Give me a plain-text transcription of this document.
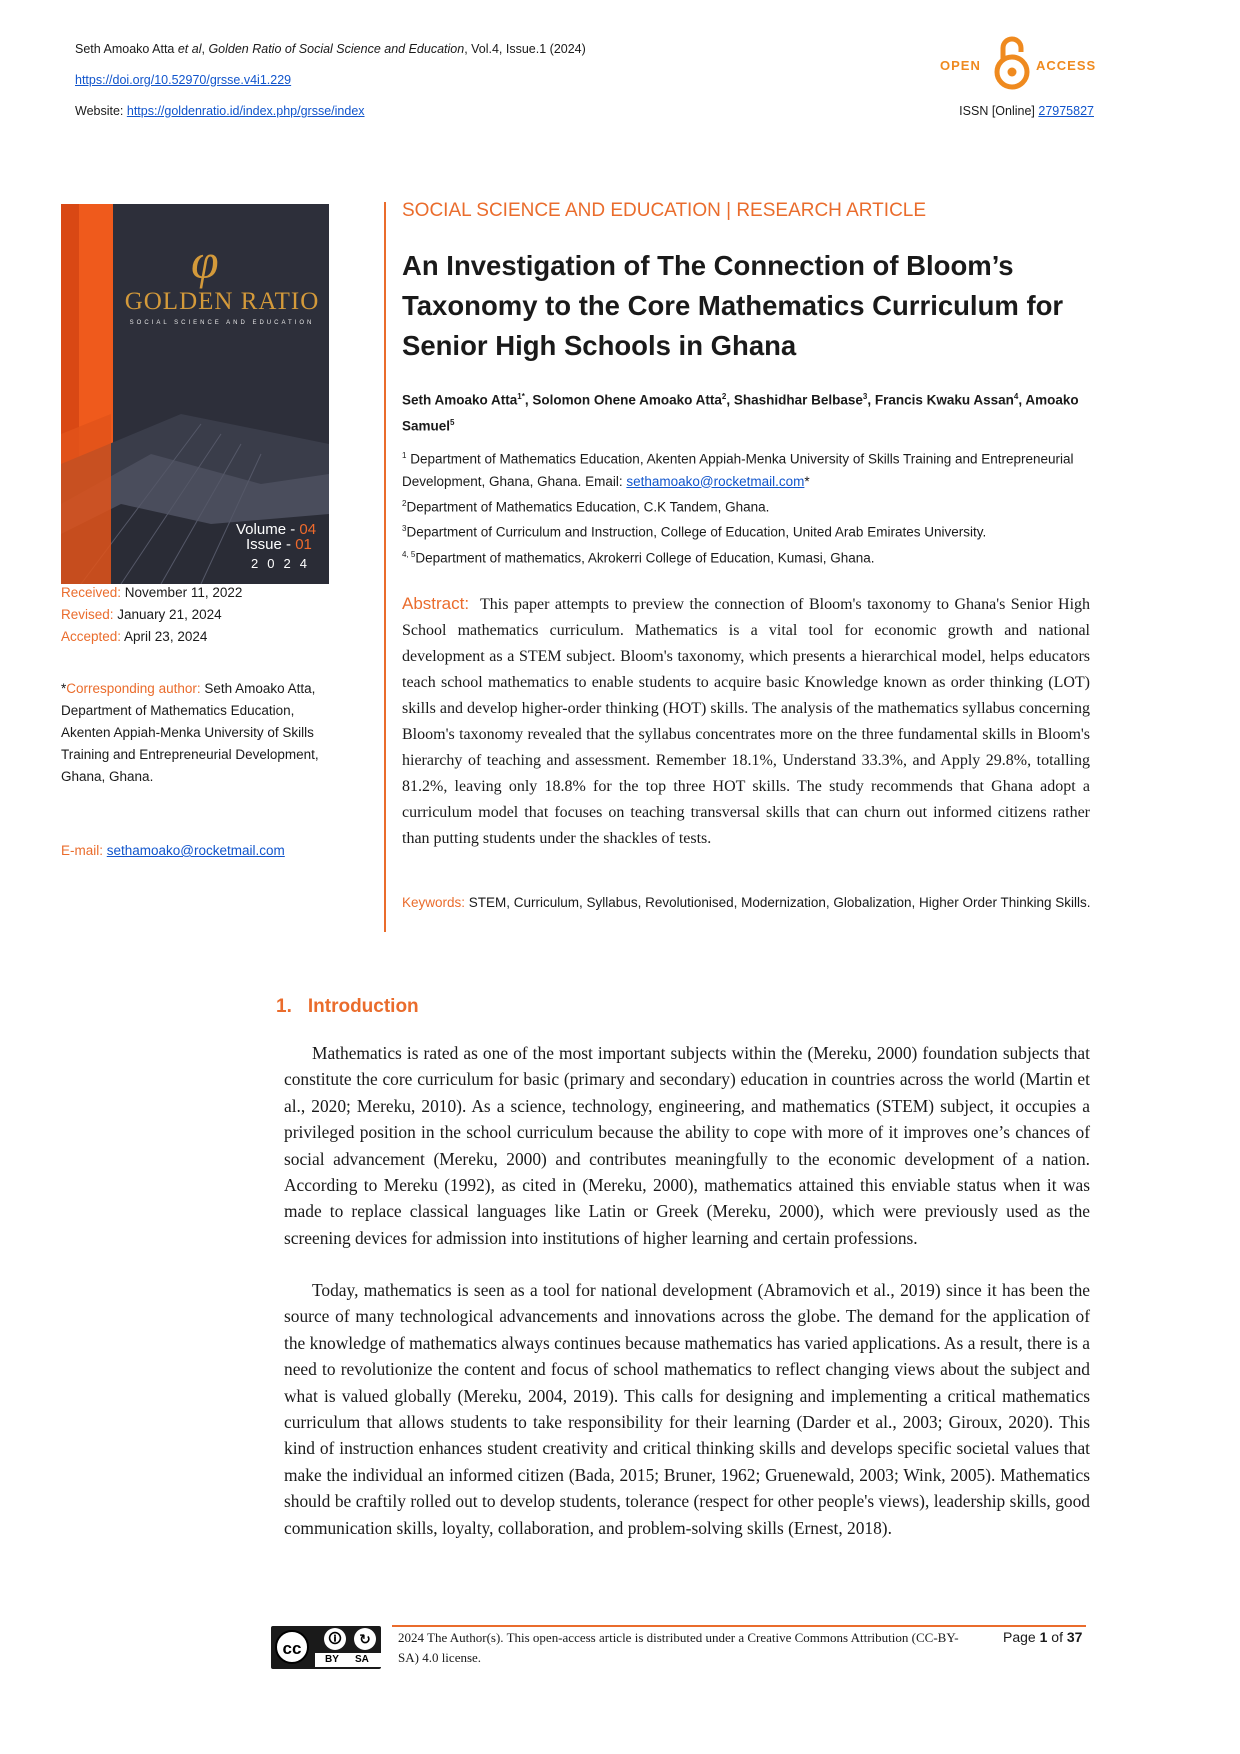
Seth Amoako Atta et al, Golden Ratio of Social Science and Education, Vol.4, Issue.1 (2024)
https://doi.org/10.52970/grsse.v4i1.229
Website: https://goldenratio.id/index.php/grsse/index	ISSN [Online] 27975827
OPEN	ACCESS
φ
GOLDEN RATIO
SOCIAL SCIENCE AND EDUCATION
Volume - 04
Issue - 01
2024
Received: November 11, 2022
Revised: January 21, 2024
Accepted: April 23, 2024
*Corresponding author: Seth Amoako Atta, Department of Mathematics Education, Akenten Appiah-Menka University of Skills Training and Entrepreneurial Development, Ghana, Ghana.
E-mail: sethamoako@rocketmail.com
SOCIAL SCIENCE AND EDUCATION | RESEARCH ARTICLE
An Investigation of The Connection of Bloom’s Taxonomy to the Core Mathematics Curriculum for Senior High Schools in Ghana
Seth Amoako Atta$^{1*}$, Solomon Ohene Amoako Atta$^2$, Shashidhar Belbase$^3$, Francis Kwaku Assan$^4$, Amoako Samuel$^5$
$^1$ Department of Mathematics Education, Akenten Appiah-Menka University of Skills Training and Entrepreneurial Development, Ghana, Ghana. Email: sethamoako@rocketmail.com*
$^2$Department of Mathematics Education, C.K Tandem, Ghana.
$^3$Department of Curriculum and Instruction, College of Education, United Arab Emirates University.
$^{4, 5}$Department of mathematics, Akrokerri College of Education, Kumasi, Ghana.
Abstract: This paper attempts to preview the connection of Bloom's taxonomy to Ghana's Senior High School mathematics curriculum. Mathematics is a vital tool for economic growth and national development as a STEM subject. Bloom's taxonomy, which presents a hierarchical model, helps educators teach school mathematics to enable students to acquire basic Knowledge known as order thinking (LOT) skills and develop higher-order thinking (HOT) skills. The analysis of the mathematics syllabus concerning Bloom's taxonomy revealed that the syllabus concentrates more on the three fundamental skills in Bloom's hierarchy of teaching and assessment. Remember 18.1%, Understand 33.3%, and Apply 29.8%, totalling 81.2%, leaving only 18.8% for the top three HOT skills. The study recommends that Ghana adopt a curriculum model that focuses on teaching transversal skills that can churn out informed citizens rather than putting students under the shackles of tests.
Keywords: STEM, Curriculum, Syllabus, Revolutionised, Modernization, Globalization, Higher Order Thinking Skills.
1. Introduction
Mathematics is rated as one of the most important subjects within the (Mereku, 2000) foundation subjects that constitute the core curriculum for basic (primary and secondary) education in countries across the world (Martin et al., 2020; Mereku, 2010). As a science, technology, engineering, and mathematics (STEM) subject, it occupies a privileged position in the school curriculum because the ability to cope with more of it improves one’s chances of social advancement (Mereku, 2000) and contributes meaningfully to the economic development of a nation. According to Mereku (1992), as cited in (Mereku, 2000), mathematics attained this enviable status when it was made to replace classical languages like Latin or Greek (Mereku, 2000), which were previously used as the screening devices for admission into institutions of higher learning and certain professions.
Today, mathematics is seen as a tool for national development (Abramovich et al., 2019) since it has been the source of many technological advancements and innovations across the globe. The demand for the application of the knowledge of mathematics always continues because mathematics has varied applications. As a result, there is a need to revolutionize the content and focus of school mathematics to reflect changing views about the subject and what is valued globally (Mereku, 2004, 2019). This calls for designing and implementing a critical mathematics curriculum that allows students to take responsibility for their learning (Darder et al., 2003; Giroux, 2020). This kind of instruction enhances student creativity and critical thinking skills and develops specific societal values that make the individual an informed citizen (Bada, 2015; Bruner, 1962; Gruenewald, 2003; Wink, 2005). Mathematics should be craftily rolled out to develop students, tolerance (respect for other people's views), leadership skills, good communication skills, loyalty, collaboration, and problem-solving skills (Ernest, 2018).
cc
🛈	↻
BY SA
2024 The Author(s). This open-access article is distributed under a Creative Commons Attribution (CC-BY-SA) 4.0 license.
Page 1 of 37
